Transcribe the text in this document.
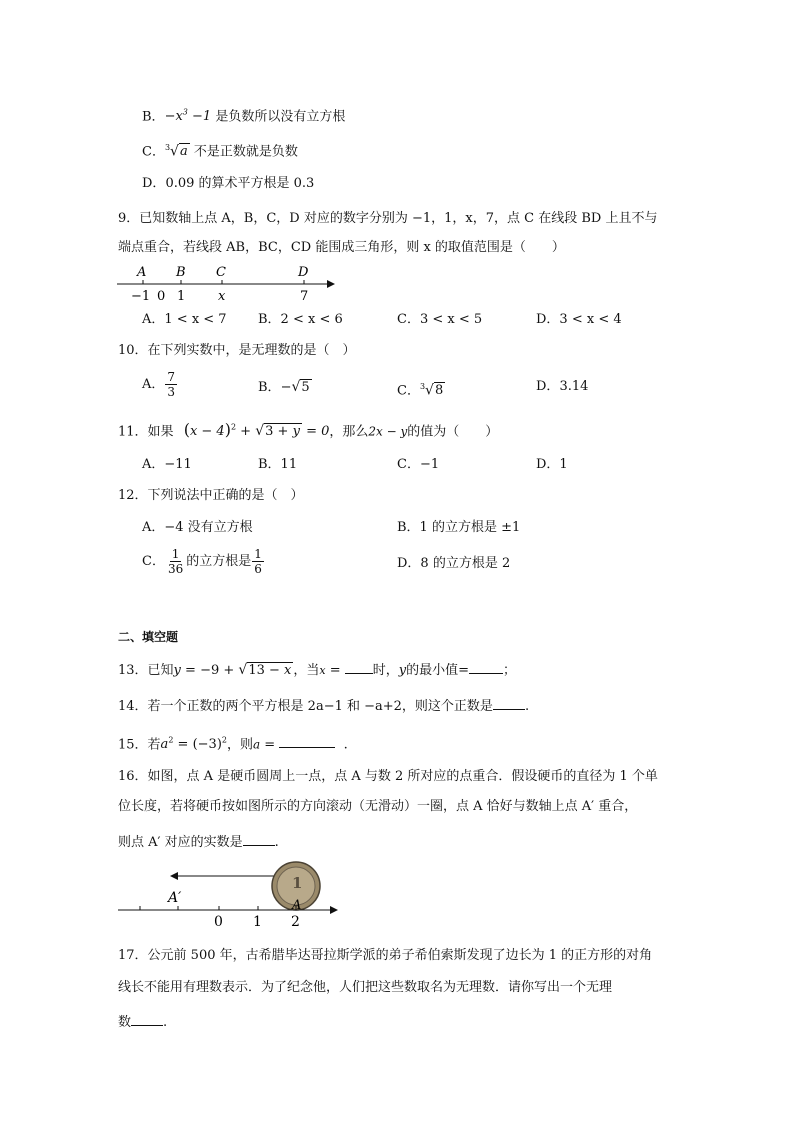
B．$-x^3 -1$ 是负数所以没有立方根
C．$^3$√a 不是正数就是负数
D．0.09 的算术平方根是 0.3
9．已知数轴上点 A，B，C，D 对应的数字分别为 −1，1，x，7，点 C 在线段 BD 上且不与
端点重合，若线段 AB，BC，CD 能围成三角形，则 x 的取值范围是（　　）
A B C	D
−1 0 1	x	7
A．1 < x < 7 B．2 < x < 6	C．3 < x < 5	D．3 < x < 4
10．在下列实数中，是无理数的是（　）
A． $\frac{7}{3}$	B．−√5	C．$^3$√8	D．3.14
11．如果 $(x - 4)^2 + √3 + y = 0$，那么2x − y的值为（　　）
A．−11	B．11	C．−1	D．1
12．下列说法中正确的是（　）
A．−4 没有立方根	B．1 的立方根是 ±1
C． $\frac{1}{36}$ 的立方根是 $\frac{1}{6}$	D．8 的立方根是 2
二、填空题
13．已知y = −9 + √13 − x ，当x = 时，y的最小值=	；
14．若一个正数的两个平方根是 2a−1 和 −a+2，则这个正数是 .
15．若$a^2 = (-3)^2$，则a =	.
16．如图，点 A 是硬币圆周上一点，点 A 与数 2 所对应的点重合．假设硬币的直径为 1 个单
位长度，若将硬币按如图所示的方向滚动（无滑动）一圈，点 A 恰好与数轴上点 A′ 重合，
则点 A′ 对应的实数是 .
1
A′	A
0 1 2
17．公元前 500 年，古希腊毕达哥拉斯学派的弟子希伯索斯发现了边长为 1 的正方形的对角
线长不能用有理数表示．为了纪念他，人们把这些数取名为无理数．请你写出一个无理
数 .
